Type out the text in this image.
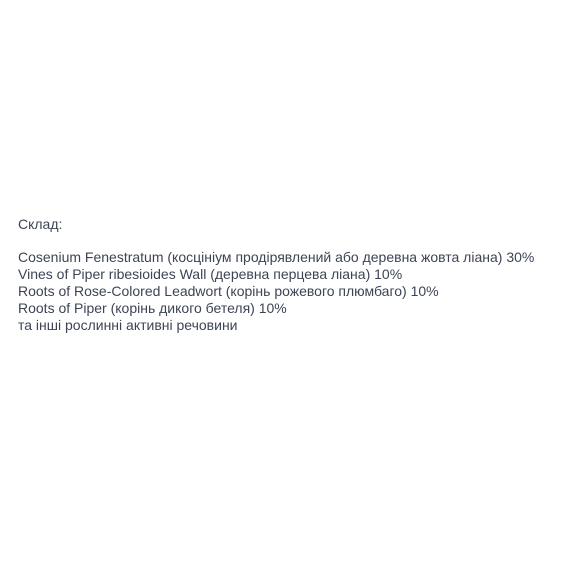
Склад:
Cosenium Fenestratum (косцініум продірявлений або деревна жовта ліана) 30%
Vines of Piper ribesioides Wall (деревна перцева ліана) 10%
Roots of Rose-Colored Leadwort (корінь рожевого плюмбаго) 10%
Roots of Piper (корінь дикого бетеля) 10%
та інші рослинні активні речовини
